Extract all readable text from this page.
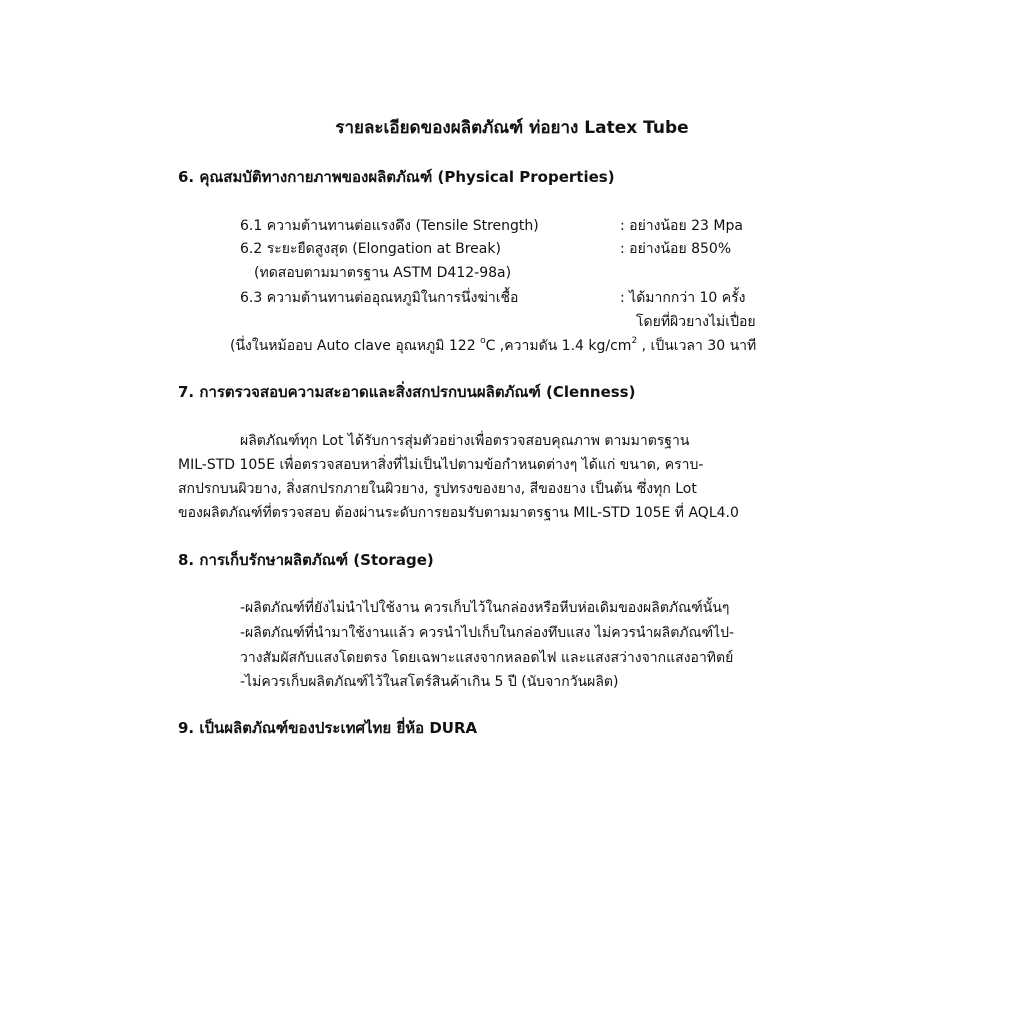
รายละเอียดของผลิตภัณฑ์ ท่อยาง Latex Tube
6. คุณสมบัติทางกายภาพของผลิตภัณฑ์ (Physical Properties)
6.1 ความต้านทานต่อแรงดึง (Tensile Strength)	: อย่างน้อย 23 Mpa
6.2 ระยะยืดสูงสุด (Elongation at Break)	: อย่างน้อย 850%
(ทดสอบตามมาตรฐาน ASTM D412-98a)
6.3 ความต้านทานต่ออุณหภูมิในการนึ่งฆ่าเชื้อ	: ได้มากกว่า 10 ครั้ง
โดยที่ผิวยางไม่เปื่อย
(นึ่งในหม้ออบ Auto clave อุณหภูมิ 122 $^o$C ,ความดัน 1.4 $kg/cm^2$ , เป็นเวลา 30 นาที
7. การตรวจสอบความสะอาดและสิ่งสกปรกบนผลิตภัณฑ์ (Clenness)
ผลิตภัณฑ์ทุก Lot ได้รับการสุ่มตัวอย่างเพื่อตรวจสอบคุณภาพ ตามมาตรฐาน
MIL-STD 105E เพื่อตรวจสอบหาสิ่งที่ไม่เป็นไปตามข้อกำหนดต่างๆ ได้แก่ ขนาด, คราบ-
สกปรกบนผิวยาง, สิ่งสกปรกภายในผิวยาง, รูปทรงของยาง, สีของยาง เป็นต้น ซึ่งทุก Lot
ของผลิตภัณฑ์ที่ตรวจสอบ ต้องผ่านระดับการยอมรับตามมาตรฐาน MIL-STD 105E ที่ AQL4.0
8. การเก็บรักษาผลิตภัณฑ์ (Storage)
-ผลิตภัณฑ์ที่ยังไม่นำไปใช้งาน ควรเก็บไว้ในกล่องหรือหีบห่อเดิมของผลิตภัณฑ์นั้นๆ
-ผลิตภัณฑ์ที่นำมาใช้งานแล้ว ควรนำไปเก็บในกล่องทึบแสง ไม่ควรนำผลิตภัณฑ์ไป-
วางสัมผัสกับแสงโดยตรง โดยเฉพาะแสงจากหลอดไฟ และแสงสว่างจากแสงอาทิตย์
-ไม่ควรเก็บผลิตภัณฑ์ไว้ในสโตร์สินค้าเกิน 5 ปี (นับจากวันผลิต)
9. เป็นผลิตภัณฑ์ของประเทศไทย ยี่ห้อ DURA
